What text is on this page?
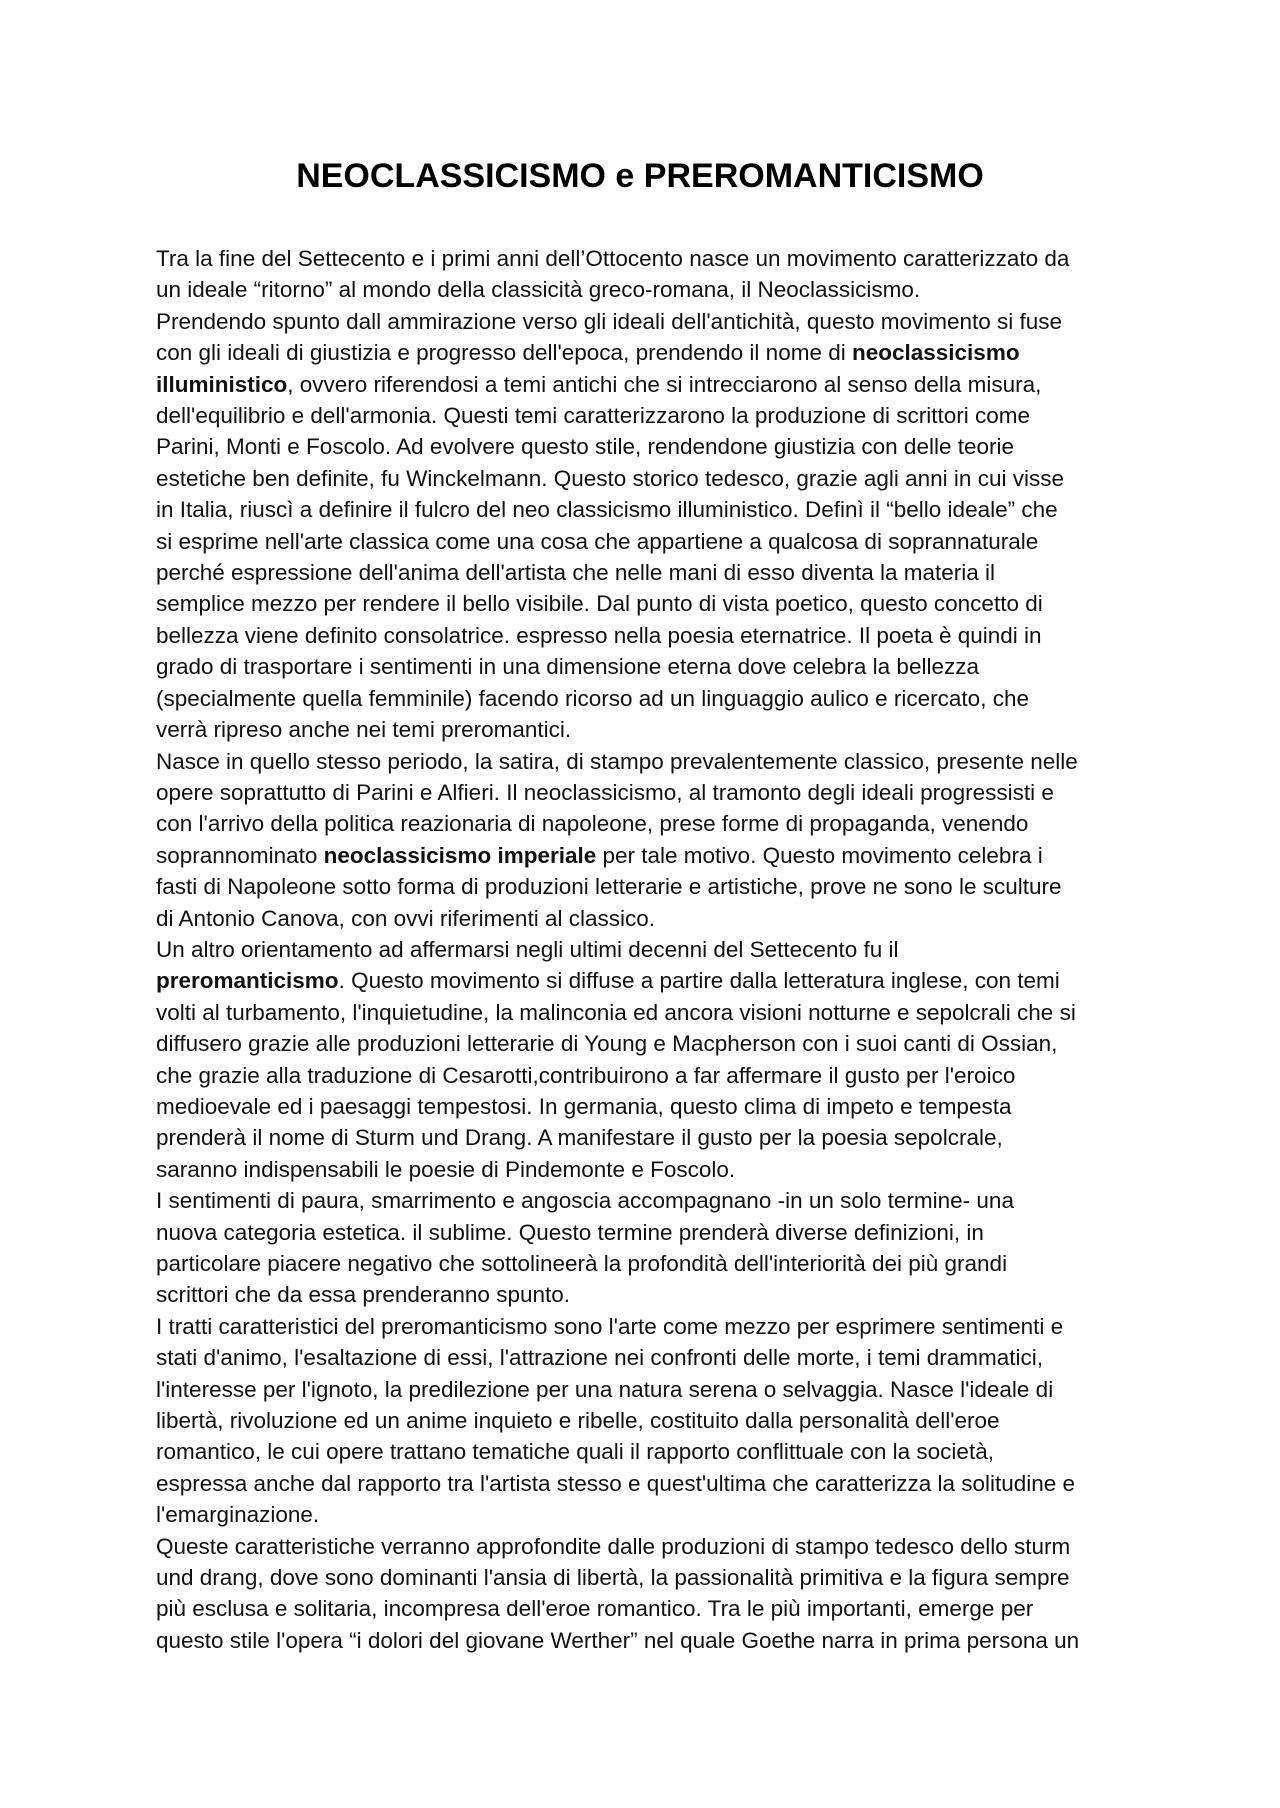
NEOCLASSICISMO e PREROMANTICISMO
Tra la fine del Settecento e i primi anni dell’Ottocento nasce un movimento caratterizzato da
un ideale “ritorno” al mondo della classicità greco-romana, il Neoclassicismo.
Prendendo spunto dall ammirazione verso gli ideali dell'antichità, questo movimento si fuse
con gli ideali di giustizia e progresso dell'epoca, prendendo il nome di neoclassicismo
illuministico, ovvero riferendosi a temi antichi che si intrecciarono al senso della misura,
dell'equilibrio e dell'armonia. Questi temi caratterizzarono la produzione di scrittori come
Parini, Monti e Foscolo. Ad evolvere questo stile, rendendone giustizia con delle teorie
estetiche ben definite, fu Winckelmann. Questo storico tedesco, grazie agli anni in cui visse
in Italia, riuscì a definire il fulcro del neo classicismo illuministico. Definì il “bello ideale” che
si esprime nell'arte classica come una cosa che appartiene a qualcosa di soprannaturale
perché espressione dell'anima dell'artista che nelle mani di esso diventa la materia il
semplice mezzo per rendere il bello visibile. Dal punto di vista poetico, questo concetto di
bellezza viene definito consolatrice. espresso nella poesia eternatrice. Il poeta è quindi in
grado di trasportare i sentimenti in una dimensione eterna dove celebra la bellezza
(specialmente quella femminile) facendo ricorso ad un linguaggio aulico e ricercato, che
verrà ripreso anche nei temi preromantici.
Nasce in quello stesso periodo, la satira, di stampo prevalentemente classico, presente nelle
opere soprattutto di Parini e Alfieri. Il neoclassicismo, al tramonto degli ideali progressisti e
con l'arrivo della politica reazionaria di napoleone, prese forme di propaganda, venendo
soprannominato neoclassicismo imperiale per tale motivo. Questo movimento celebra i
fasti di Napoleone sotto forma di produzioni letterarie e artistiche, prove ne sono le sculture
di Antonio Canova, con ovvi riferimenti al classico.
Un altro orientamento ad affermarsi negli ultimi decenni del Settecento fu il
preromanticismo. Questo movimento si diffuse a partire dalla letteratura inglese, con temi
volti al turbamento, l'inquietudine, la malinconia ed ancora visioni notturne e sepolcrali che si
diffusero grazie alle produzioni letterarie di Young e Macpherson con i suoi canti di Ossian,
che grazie alla traduzione di Cesarotti,contribuirono a far affermare il gusto per l'eroico
medioevale ed i paesaggi tempestosi. In germania, questo clima di impeto e tempesta
prenderà il nome di Sturm und Drang. A manifestare il gusto per la poesia sepolcrale,
saranno indispensabili le poesie di Pindemonte e Foscolo.
I sentimenti di paura, smarrimento e angoscia accompagnano -in un solo termine- una
nuova categoria estetica. il sublime. Questo termine prenderà diverse definizioni, in
particolare piacere negativo che sottolineerà la profondità dell'interiorità dei più grandi
scrittori che da essa prenderanno spunto.
I tratti caratteristici del preromanticismo sono l'arte come mezzo per esprimere sentimenti e
stati d'animo, l'esaltazione di essi, l'attrazione nei confronti delle morte, i temi drammatici,
l'interesse per l'ignoto, la predilezione per una natura serena o selvaggia. Nasce l'ideale di
libertà, rivoluzione ed un anime inquieto e ribelle, costituito dalla personalità dell'eroe
romantico, le cui opere trattano tematiche quali il rapporto conflittuale con la società,
espressa anche dal rapporto tra l'artista stesso e quest'ultima che caratterizza la solitudine e
l'emarginazione.
Queste caratteristiche verranno approfondite dalle produzioni di stampo tedesco dello sturm
und drang, dove sono dominanti l'ansia di libertà, la passionalità primitiva e la figura sempre
più esclusa e solitaria, incompresa dell'eroe romantico. Tra le più importanti, emerge per
questo stile l'opera “i dolori del giovane Werther” nel quale Goethe narra in prima persona un
